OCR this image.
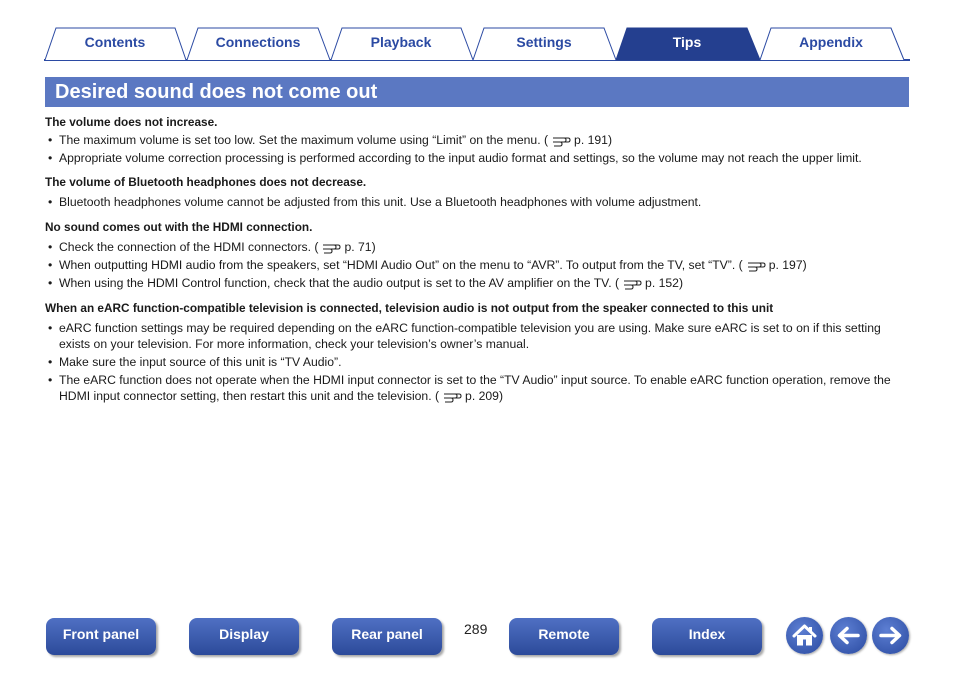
Contents	Connections	Playback	Settings	Tips	Appendix
Desired sound does not come out

The volume does not increase.

• The maximum volume is set too low. Set the maximum volume using “Limit” on the menu. ( p. 191)
• Appropriate volume correction processing is performed according to the input audio format and settings, so the volume may not reach the upper limit.

The volume of Bluetooth headphones does not decrease.

• Bluetooth headphones volume cannot be adjusted from this unit. Use a Bluetooth headphones with volume adjustment.

No sound comes out with the HDMI connection.

• Check the connection of the HDMI connectors. ( p. 71)
• When outputting HDMI audio from the speakers, set “HDMI Audio Out” on the menu to “AVR”. To output from the TV, set “TV”. ( p. 197)
• When using the HDMI Control function, check that the audio output is set to the AV amplifier on the TV. ( p. 152)

When an eARC function-compatible television is connected, television audio is not output from the speaker connected to this unit

• eARC function settings may be required depending on the eARC function-compatible television you are using. Make sure eARC is set to on if this setting exists on your television. For more information, check your television’s owner’s manual.
• Make sure the input source of this unit is “TV Audio”.
• The eARC function does not operate when the HDMI input connector is set to the “TV Audio” input source. To enable eARC function operation, remove the HDMI input connector setting, then restart this unit and the television. ( p. 209)
Front panel	Display	Rear panel	289	Remote	Index
